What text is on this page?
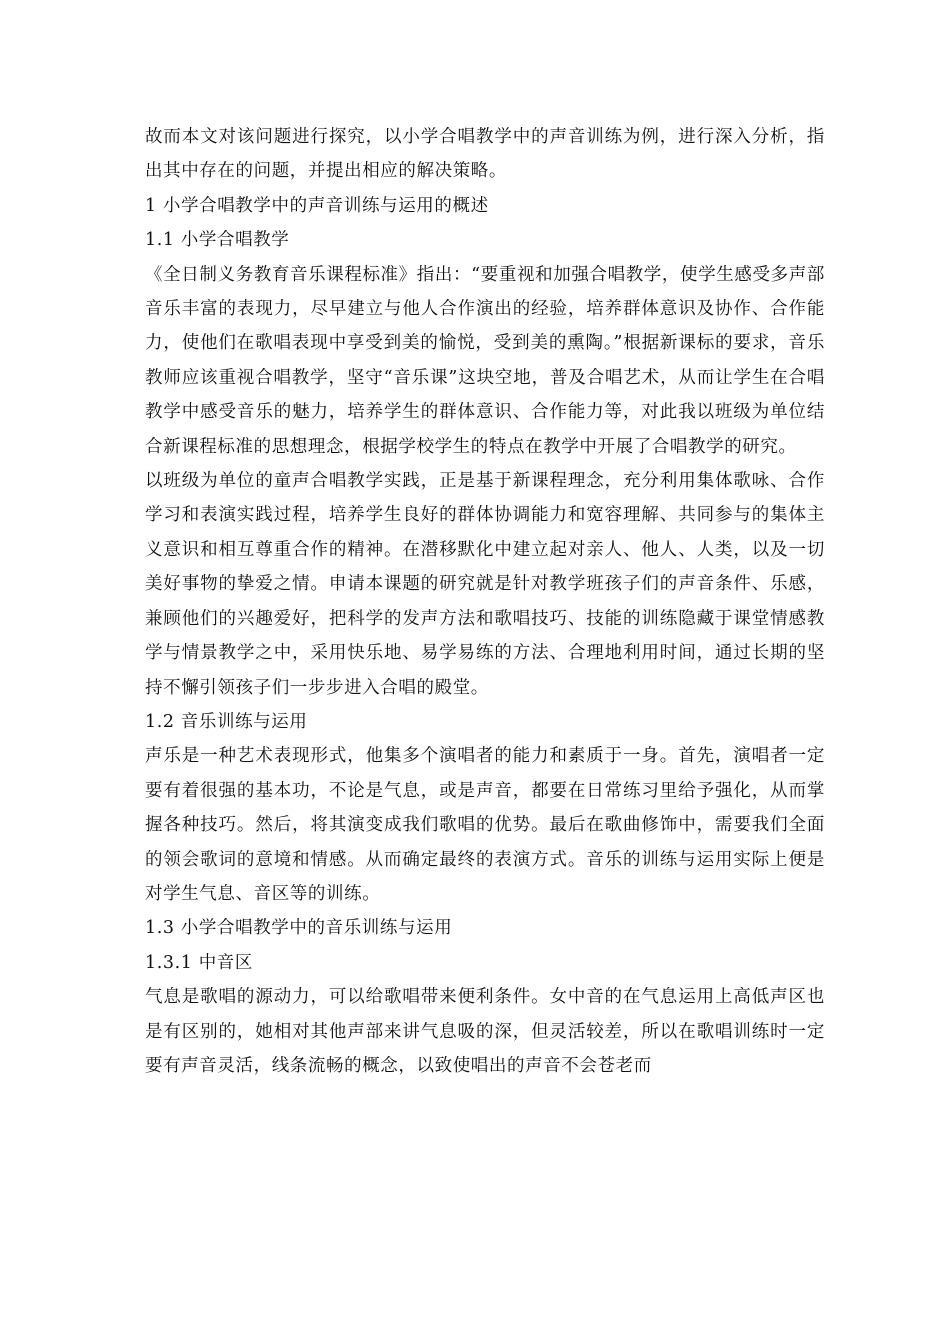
故而本文对该问题进行探究，以小学合唱教学中的声音训练为例，进行深入分析，指出其中存在的问题，并提出相应的解决策略。

1 小学合唱教学中的声音训练与运用的概述

1.1 小学合唱教学

《全日制义务教育音乐课程标准》指出：“要重视和加强合唱教学，使学生感受多声部音乐丰富的表现力，尽早建立与他人合作演出的经验，培养群体意识及协作、合作能力，使他们在歌唱表现中享受到美的愉悦，受到美的熏陶。”根据新课标的要求，音乐教师应该重视合唱教学，坚守“音乐课”这块空地，普及合唱艺术，从而让学生在合唱教学中感受音乐的魅力，培养学生的群体意识、合作能力等，对此我以班级为单位结合新课程标准的思想理念，根据学校学生的特点在教学中开展了合唱教学的研究。

以班级为单位的童声合唱教学实践，正是基于新课程理念，充分利用集体歌咏、合作学习和表演实践过程，培养学生良好的群体协调能力和宽容理解、共同参与的集体主义意识和相互尊重合作的精神。在潜移默化中建立起对亲人、他人、人类，以及一切美好事物的挚爱之情。申请本课题的研究就是针对教学班孩子们的声音条件、乐感，兼顾他们的兴趣爱好，把科学的发声方法和歌唱技巧、技能的训练隐藏于课堂情感教学与情景教学之中，采用快乐地、易学易练的方法、合理地利用时间，通过长期的坚持不懈引领孩子们一步步进入合唱的殿堂。

1.2 音乐训练与运用

声乐是一种艺术表现形式，他集多个演唱者的能力和素质于一身。首先，演唱者一定要有着很强的基本功，不论是气息，或是声音，都要在日常练习里给予强化，从而掌握各种技巧。然后，将其演变成我们歌唱的优势。最后在歌曲修饰中，需要我们全面的领会歌词的意境和情感。从而确定最终的表演方式。音乐的训练与运用实际上便是对学生气息、音区等的训练。

1.3 小学合唱教学中的音乐训练与运用

1.3.1 中音区

气息是歌唱的源动力，可以给歌唱带来便利条件。女中音的在气息运用上高低声区也是有区别的，她相对其他声部来讲气息吸的深，但灵活较差，所以在歌唱训练时一定要有声音灵活，线条流畅的概念，以致使唱出的声音不会苍老而
